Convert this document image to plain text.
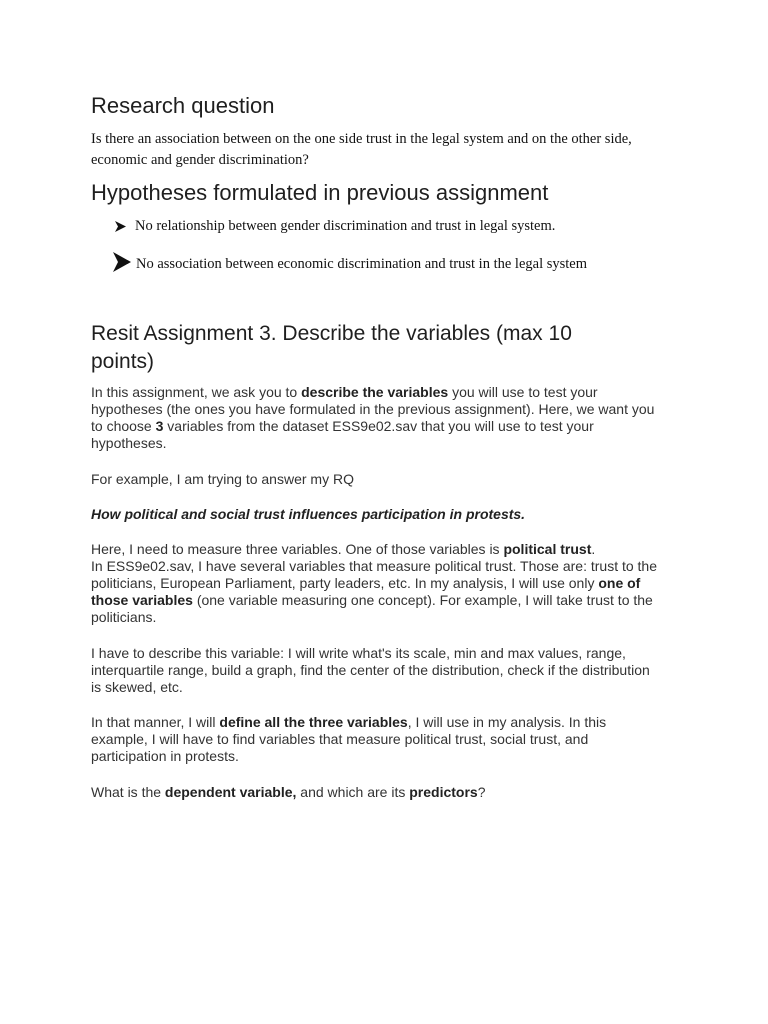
Research question
Is there an association between on the one side trust in the legal system and on the other side,
economic and gender discrimination?
Hypotheses formulated in previous assignment
No relationship between gender discrimination and trust in legal system.
No association between economic discrimination and trust in the legal system
Resit Assignment 3. Describe the variables (max 10
points)
In this assignment, we ask you to describe the variables you will use to test your
hypotheses (the ones you have formulated in the previous assignment). Here, we want you
to choose 3 variables from the dataset ESS9e02.sav that you will use to test your
hypotheses.
For example, I am trying to answer my RQ
How political and social trust influences participation in protests.
Here, I need to measure three variables. One of those variables is political trust.
In ESS9e02.sav, I have several variables that measure political trust. Those are: trust to the
politicians, European Parliament, party leaders, etc. In my analysis, I will use only one of
those variables (one variable measuring one concept). For example, I will take trust to the
politicians.
I have to describe this variable: I will write what's its scale, min and max values, range,
interquartile range, build a graph, find the center of the distribution, check if the distribution
is skewed, etc.
In that manner, I will define all the three variables, I will use in my analysis. In this
example, I will have to find variables that measure political trust, social trust, and
participation in protests.
What is the dependent variable, and which are its predictors?
